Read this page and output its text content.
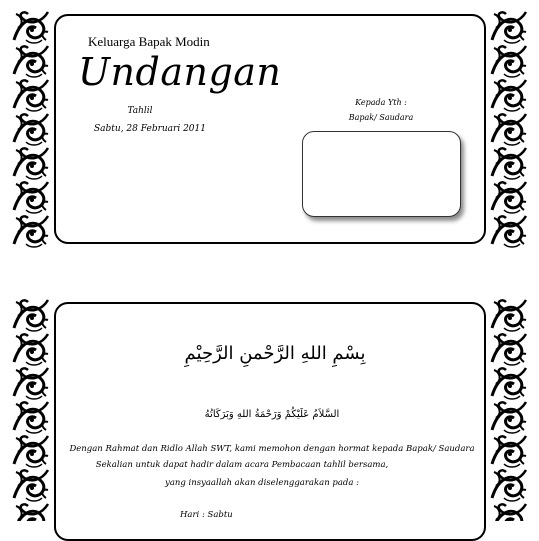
Keluarga Bapak Modin
Undangan
Tahlil
Sabtu, 28 Februari 2011
Kepada Yth :
Bapak/ Saudara
بِسْمِ اللهِ الرَّحْمنِ الرَّحِيْمِ
السَّلاَمُ عَلَيْكُمْ وَرَحْمَةُ اللهِ وَبَرَكَاتُهُ
Dengan Rahmat dan Ridlo Allah SWT, kami memohon dengan hormat kepada Bapak/ Saudara
Sekalian untuk dapat hadir dalam acara Pembacaan tahlil bersama,
yang insyaallah akan diselenggarakan pada :
Hari : Sabtu
